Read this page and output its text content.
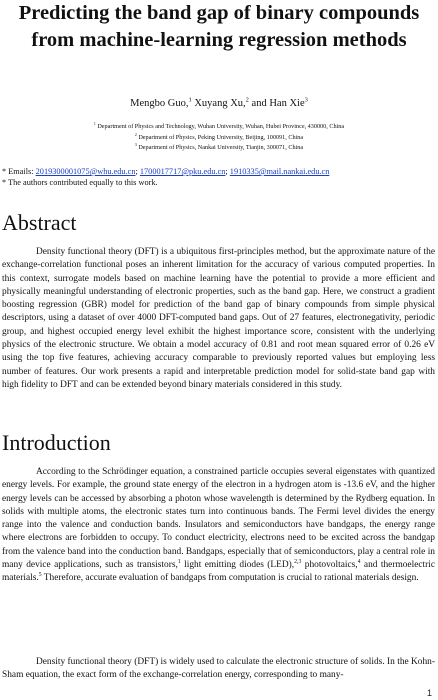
Predicting the band gap of binary compounds from machine-learning regression methods
Mengbo Guo,$^1$ Xuyang Xu,$^2$ and Han Xie$^3$
$^1$ Department of Physics and Technology, Wuhan University, Wuhan, Hubei Province, 430000, China
$^2$ Department of Physics, Peking University, Beijing, 100091, China
$^3$ Department of Physics, Nankai University, Tianjin, 300071, China
* Emails: 2019300001075@whu.edu.cn; 1700017717@pku.edu.cn; 1910335@mail.nankai.edu.cn
* The authors contributed equally to this work.
Abstract

Density functional theory (DFT) is a ubiquitous first-principles method, but the approximate nature of the exchange-correlation functional poses an inherent limitation for the accuracy of various computed properties. In this context, surrogate models based on machine learning have the potential to provide a more efficient and physically meaningful understanding of electronic properties, such as the band gap. Here, we construct a gradient boosting regression (GBR) model for prediction of the band gap of binary compounds from simple physical descriptors, using a dataset of over 4000 DFT-computed band gaps. Out of 27 features, electronegativity, periodic group, and highest occupied energy level exhibit the highest importance score, consistent with the underlying physics of the electronic structure. We obtain a model accuracy of 0.81 and root mean squared error of 0.26 eV using the top five features, achieving accuracy comparable to previously reported values but employing less number of features. Our work presents a rapid and interpretable prediction model for solid-state band gap with high fidelity to DFT and can be extended beyond binary materials considered in this study.

Introduction

According to the Schrödinger equation, a constrained particle occupies several eigenstates with quantized energy levels. For example, the ground state energy of the electron in a hydrogen atom is -13.6 eV, and the higher energy levels can be accessed by absorbing a photon whose wavelength is determined by the Rydberg equation. In solids with multiple atoms, the electronic states turn into continuous bands. The Fermi level divides the energy range into the valence and conduction bands. Insulators and semiconductors have bandgaps, the energy range where electrons are forbidden to occupy. To conduct electricity, electrons need to be excited across the bandgap from the valence band into the conduction band. Bandgaps, especially that of semiconductors, play a central role in many device applications, such as transistors,$^1$ light emitting diodes (LED),$^{2,3}$ photovoltaics,$^4$ and thermoelectric materials.$^5$ Therefore, accurate evaluation of bandgaps from computation is crucial to rational materials design.

Density functional theory (DFT) is widely used to calculate the electronic structure of solids. In the Kohn-Sham equation, the exact form of the exchange-correlation energy, corresponding to many-

1
